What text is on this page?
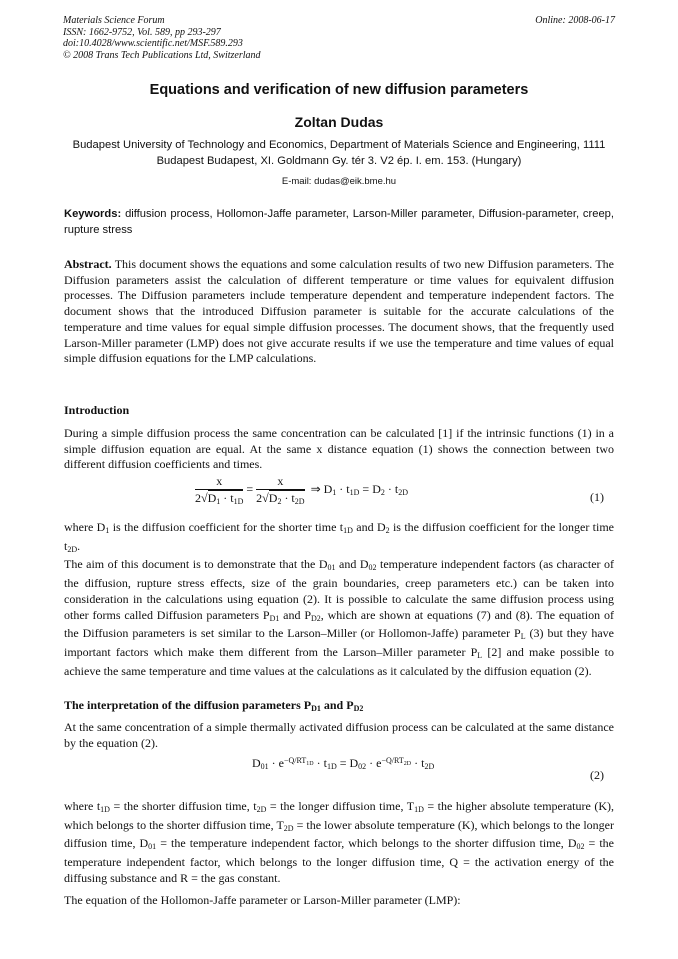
Materials Science Forum
ISSN: 1662-9752, Vol. 589, pp 293-297
doi:10.4028/www.scientific.net/MSF.589.293
© 2008 Trans Tech Publications Ltd, Switzerland
Online: 2008-06-17
Equations and verification of new diffusion parameters
Zoltan Dudas
Budapest University of Technology and Economics, Department of Materials Science and Engineering, 1111 Budapest Budapest, XI. Goldmann Gy. tér 3. V2 ép. I. em. 153. (Hungary)
E-mail: dudas@eik.bme.hu
Keywords: diffusion process, Hollomon-Jaffe parameter, Larson-Miller parameter, Diffusion-parameter, creep, rupture stress

Abstract. This document shows the equations and some calculation results of two new Diffusion parameters. The Diffusion parameters assist the calculation of different temperature or time values for equivalent diffusion processes. The Diffusion parameters include temperature dependent and temperature independent factors. The document shows that the introduced Diffusion parameter is suitable for the accurate calculations of the temperature and time values for equal simple diffusion processes. The document shows, that the frequently used Larson-Miller parameter (LMP) does not give accurate results if we use the temperature and time values of equal simple diffusion equations for the LMP calculations.

Introduction

During a simple diffusion process the same concentration can be calculated [1] if the intrinsic functions (1) in a simple diffusion equation are equal. At the same x distance equation (1) shows the connection between two different diffusion coefficients and times.

$\frac{x}{2√D_1 \cdot t_{1D}} = \frac{x}{2√D_2 \cdot t_{2D}}$ ⇒ $D_1 \cdot t_{1D} = D_2 \cdot t_{2D}$	(1)

where $D_1$ is the diffusion coefficient for the shorter time $t_{1D}$ and $D_2$ is the diffusion coefficient for the longer time $t_{2D}$.
The aim of this document is to demonstrate that the $D_{01}$ and $D_{02}$ temperature independent factors (as character of the diffusion, rupture stress effects, size of the grain boundaries, creep parameters etc.) can be taken into consideration in the calculations using equation (2). It is possible to calculate the same diffusion process using other forms called Diffusion parameters $P_{D1}$ and $P_{D2}$, which are shown at equations (7) and (8). The equation of the Diffusion parameters is set similar to the Larson–Miller (or Hollomon-Jaffe) parameter $P_L$ (3) but they have important factors which make them different from the Larson–Miller parameter $P_L$ [2] and make possible to achieve the same temperature and time values at the calculations as it calculated by the diffusion equation (2).

The interpretation of the diffusion parameters $P_{D1}$ and $P_{D2}$

At the same concentration of a simple thermally activated diffusion process can be calculated at the same distance by the equation (2).

$D_{01} \cdot e^{-Q/RT_{1D}} \cdot t_{1D} = D_{02} \cdot e^{-Q/RT_{2D}} \cdot t_{2D}$
(2)

where $t_{1D}$ = the shorter diffusion time, $t_{2D}$ = the longer diffusion time, $T_{1D}$ = the higher absolute temperature (K), which belongs to the shorter diffusion time, $T_{2D}$ = the lower absolute temperature (K), which belongs to the longer diffusion time, $D_{01}$ = the temperature independent factor, which belongs to the shorter diffusion time, $D_{02}$ = the temperature independent factor, which belongs to the longer diffusion time, Q = the activation energy of the diffusing substance and R = the gas constant.

The equation of the Hollomon-Jaffe parameter or Larson-Miller parameter (LMP):
